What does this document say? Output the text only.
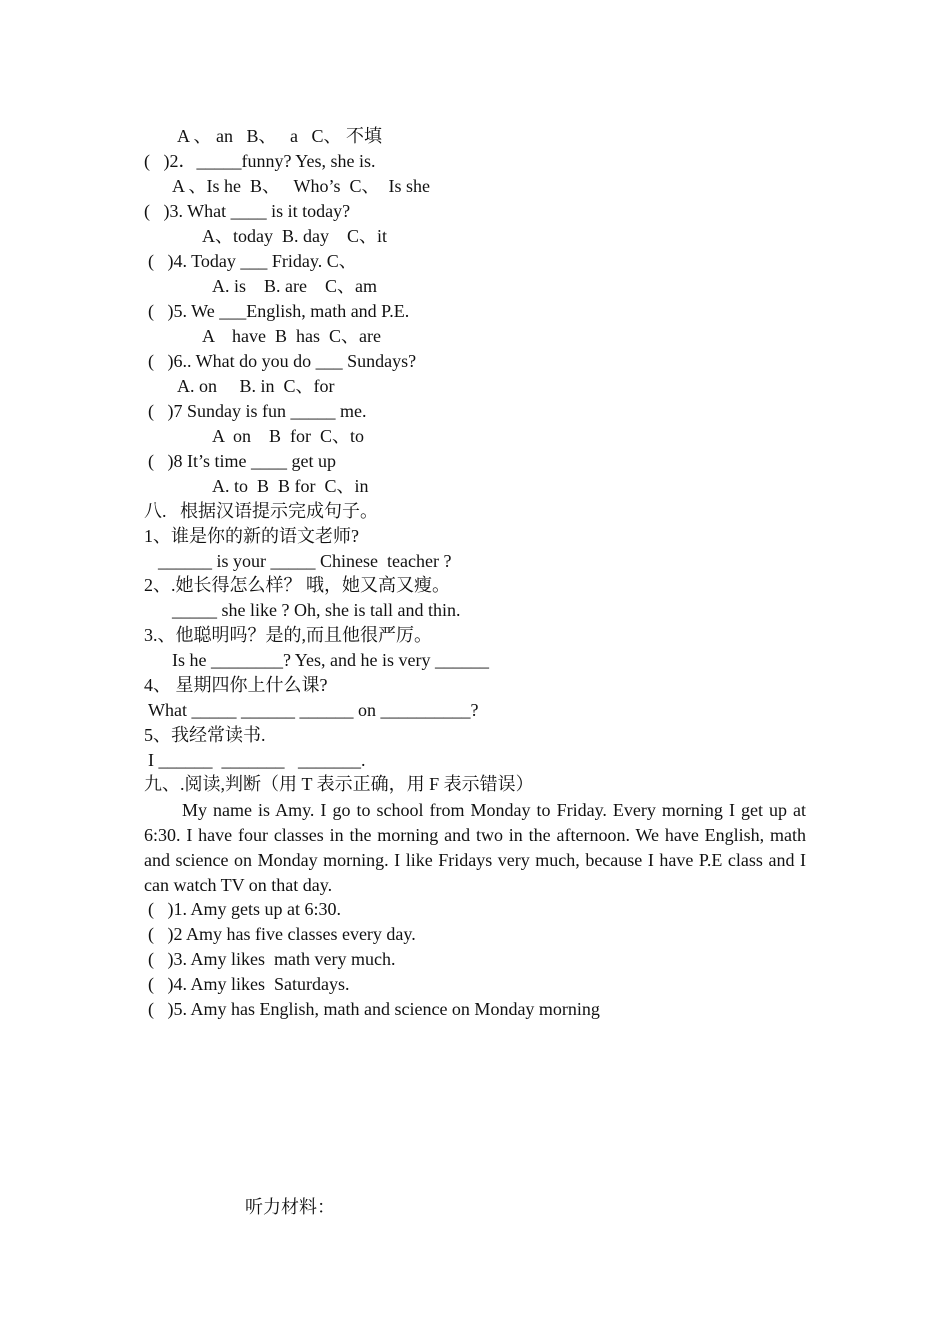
A 、 an   B、   a   C、 不填
(   )2．_____funny? Yes, she is.
A 、Is he  B、   Who’s  C、  Is she
(   )3. What ____ is it today?
A、today  B. day    C、it
(   )4. Today ___ Friday. C、
A. is    B. are    C、am
(   )5. We ___English, math and P.E.
A    have  B  has  C、are
(   )6.. What do you do ___ Sundays?
A. on     B. in  C、for
(   )7 Sunday is fun _____ me.
A  on    B  for  C、to
(   )8 It’s time ____ get up
A. to  B  B for  C、in
八.   根据汉语提示完成句子。
1、谁是你的新的语文老师?
______ is your _____ Chinese  teacher ?
2、.她长得怎么样？ 哦，她又高又瘦。
_____ she like ? Oh, she is tall and thin.
3.、他聪明吗？是的,而且他很严厉。
Is he ________? Yes, and he is very ______
4、 星期四你上什么课?
What _____ ______ ______ on __________?
5、我经常读书.
I ______  _______   _______.
九、.阅读,判断（用 T 表示正确，用 F 表示错误）
My name is Amy. I go to school from Monday to Friday. Every morning I get up at 6:30. I have four classes in the morning and two in the afternoon. We have English, math and science on Monday morning. I like Fridays very much, because I have P.E class and I can watch TV on that day.
(   )1. Amy gets up at 6:30.
(   )2 Amy has five classes every day.
(   )3. Amy likes  math very much.
(   )4. Amy likes  Saturdays.
(   )5. Amy has English, math and science on Monday morning
听力材料：
